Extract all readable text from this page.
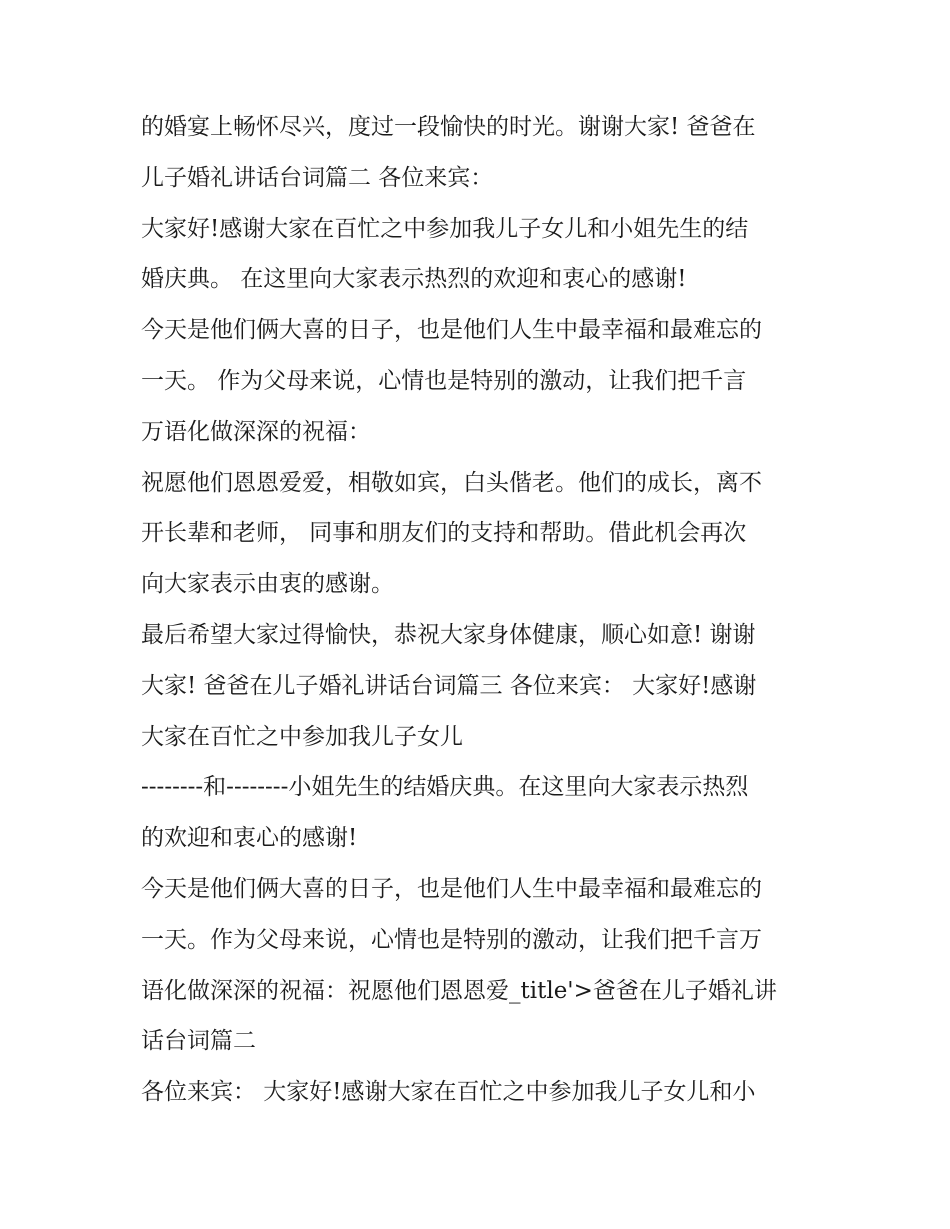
的婚宴上畅怀尽兴，度过一段愉快的时光。谢谢大家! 爸爸在
儿子婚礼讲话台词篇二 各位来宾：
大家好!感谢大家在百忙之中参加我儿子女儿和小姐先生的结
婚庆典。 在这里向大家表示热烈的欢迎和衷心的感谢!
今天是他们俩大喜的日子，也是他们人生中最幸福和最难忘的
一天。 作为父母来说，心情也是特别的激动，让我们把千言
万语化做深深的祝福：
祝愿他们恩恩爱爱，相敬如宾，白头偕老。他们的成长，离不
开长辈和老师， 同事和朋友们的支持和帮助。借此机会再次
向大家表示由衷的感谢。
最后希望大家过得愉快，恭祝大家身体健康，顺心如意! 谢谢
大家! 爸爸在儿子婚礼讲话台词篇三 各位来宾： 大家好!感谢
大家在百忙之中参加我儿子女儿
--------和--------小姐先生的结婚庆典。在这里向大家表示热烈
的欢迎和衷心的感谢!
今天是他们俩大喜的日子，也是他们人生中最幸福和最难忘的
一天。作为父母来说，心情也是特别的激动，让我们把千言万
语化做深深的祝福：祝愿他们恩恩爱_title'>爸爸在儿子婚礼讲
话台词篇二
各位来宾： 大家好!感谢大家在百忙之中参加我儿子女儿和小
